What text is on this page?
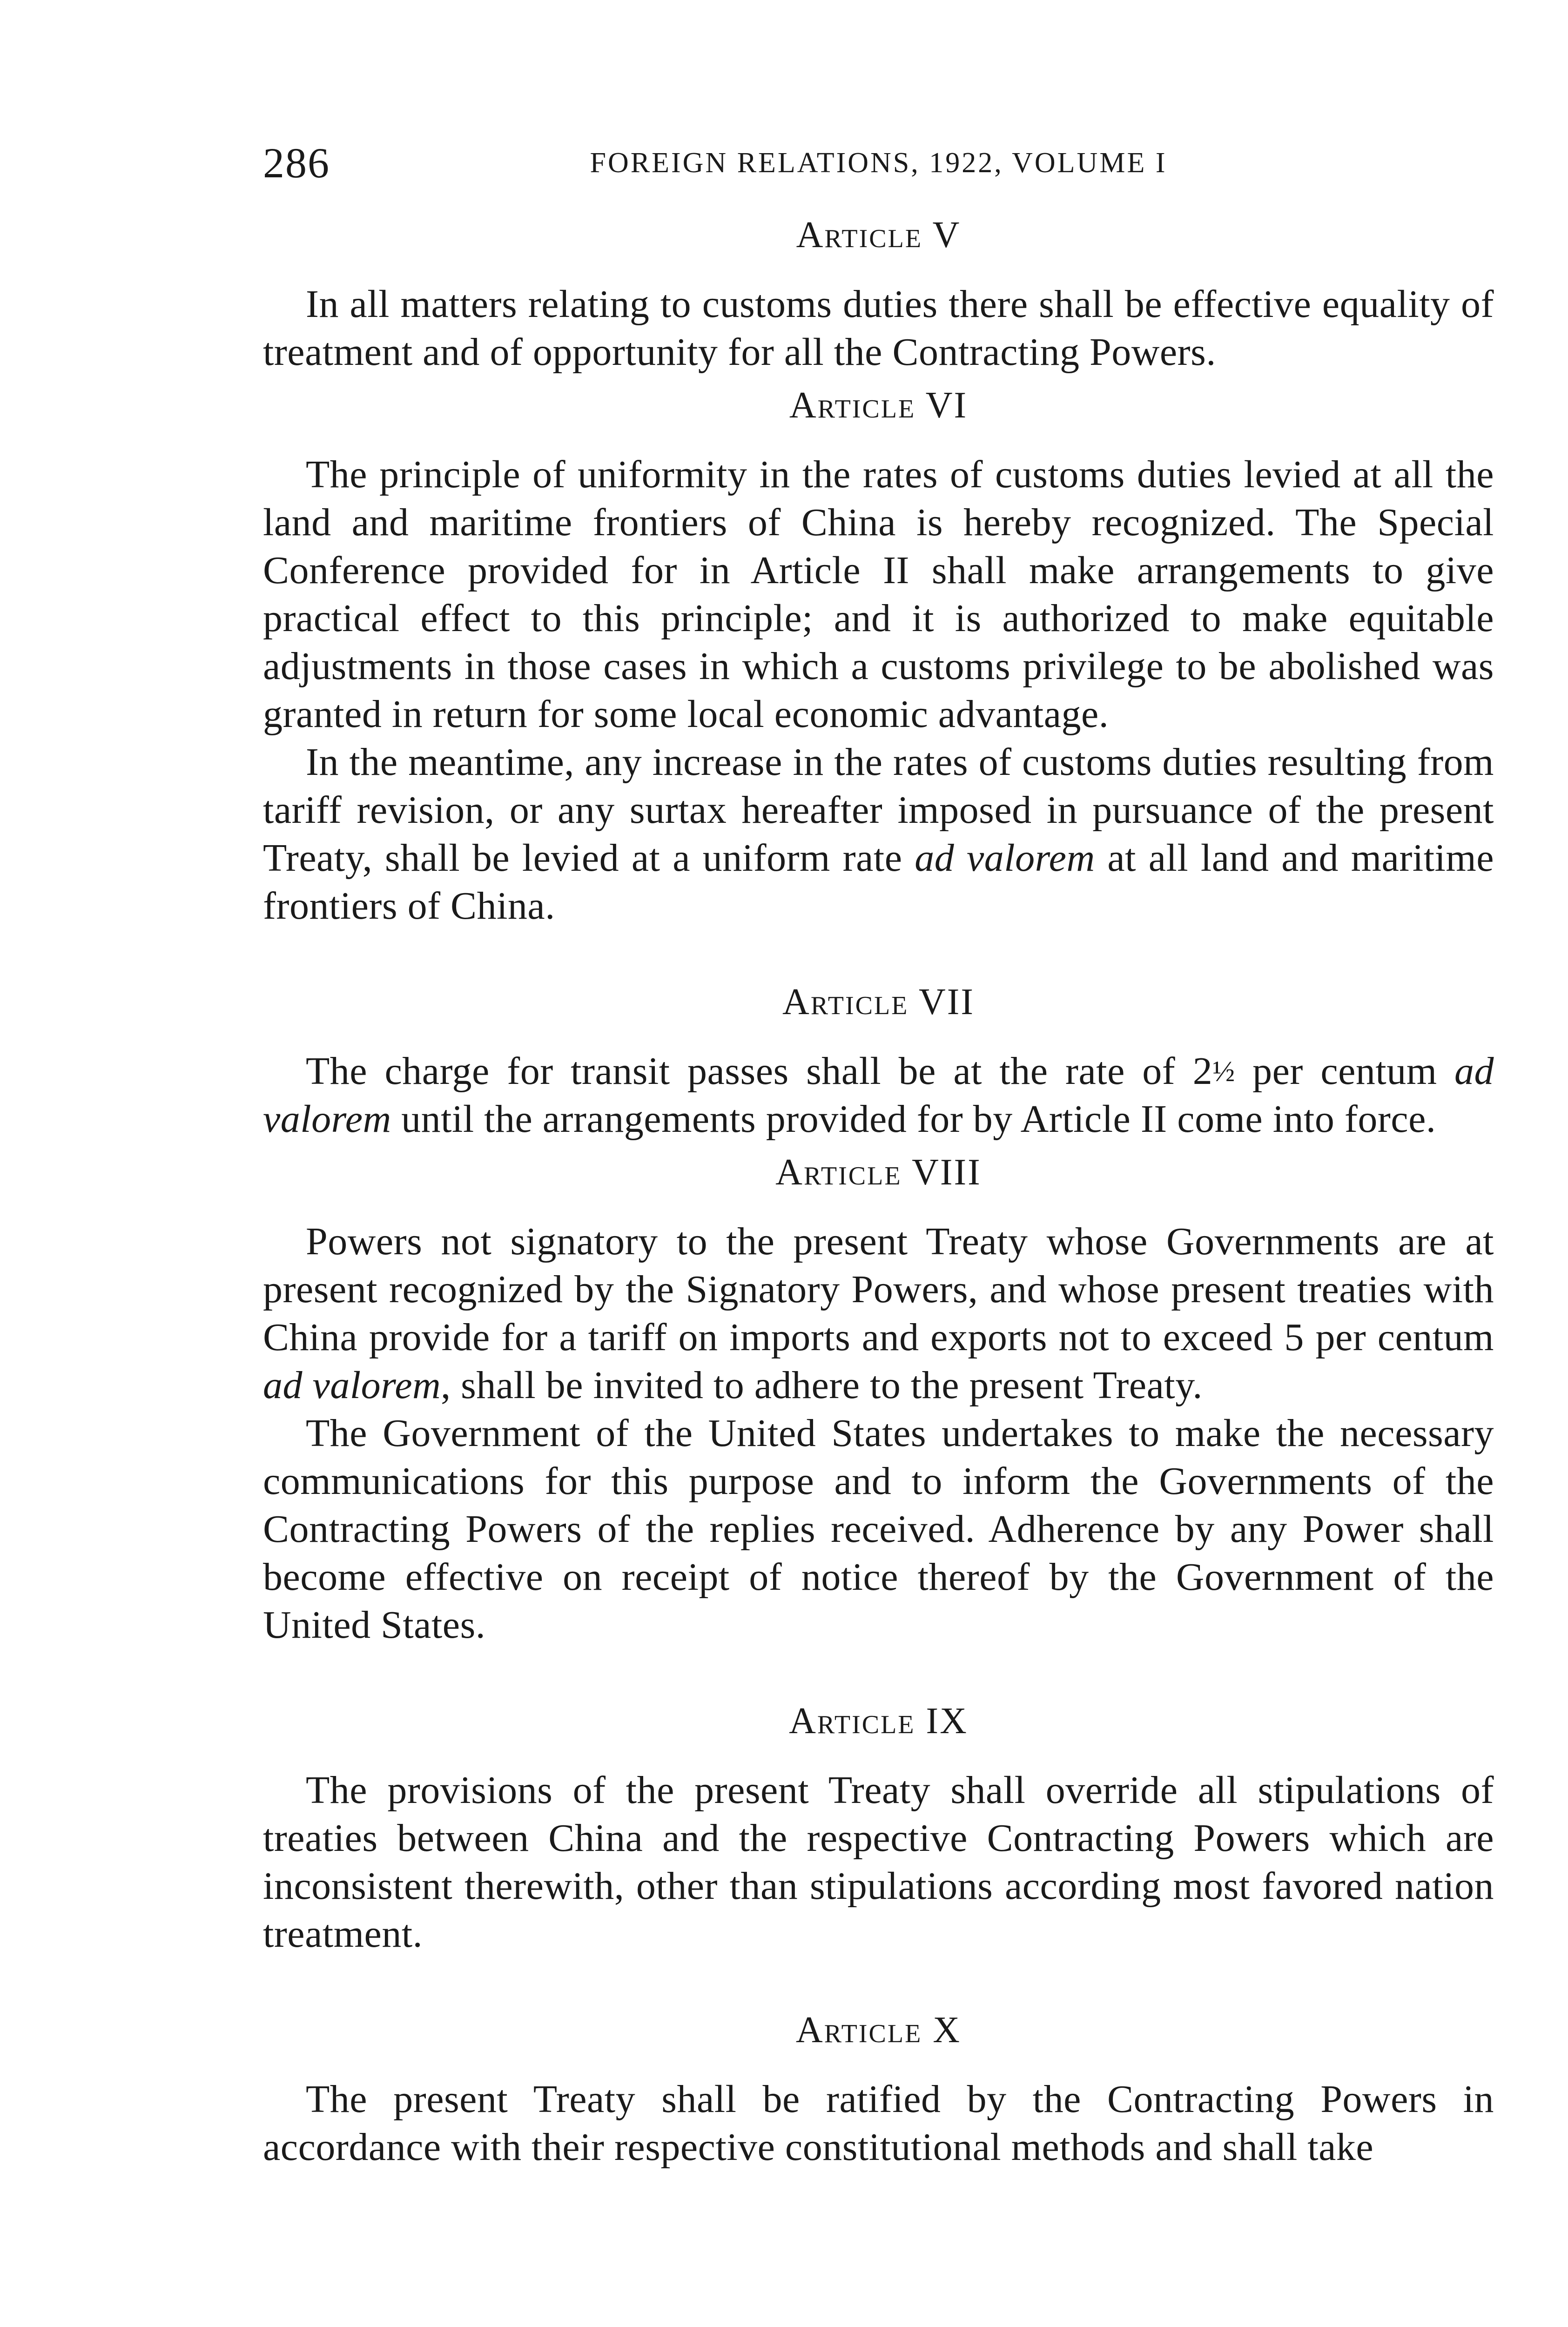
286	FOREIGN RELATIONS, 1922, VOLUME I
Article V

In all matters relating to customs duties there shall be effective equality of treatment and of opportunity for all the Contracting Powers.

Article VI

The principle of uniformity in the rates of customs duties levied at all the land and maritime frontiers of China is hereby recognized. The Special Conference provided for in Article II shall make arrangements to give practical effect to this principle; and it is authorized to make equitable adjustments in those cases in which a customs privilege to be abolished was granted in return for some local economic advantage.

In the meantime, any increase in the rates of customs duties resulting from tariff revision, or any surtax hereafter imposed in pursuance of the present Treaty, shall be levied at a uniform rate ad valorem at all land and maritime frontiers of China.

Article VII

The charge for transit passes shall be at the rate of 2½ per centum ad valorem until the arrangements provided for by Article II come into force.

Article VIII

Powers not signatory to the present Treaty whose Governments are at present recognized by the Signatory Powers, and whose present treaties with China provide for a tariff on imports and exports not to exceed 5 per centum ad valorem, shall be invited to adhere to the present Treaty.

The Government of the United States undertakes to make the necessary communications for this purpose and to inform the Governments of the Contracting Powers of the replies received. Adherence by any Power shall become effective on receipt of notice thereof by the Government of the United States.

Article IX

The provisions of the present Treaty shall override all stipulations of treaties between China and the respective Contracting Powers which are inconsistent therewith, other than stipulations according most favored nation treatment.

Article X

The present Treaty shall be ratified by the Contracting Powers in accordance with their respective constitutional methods and shall take
